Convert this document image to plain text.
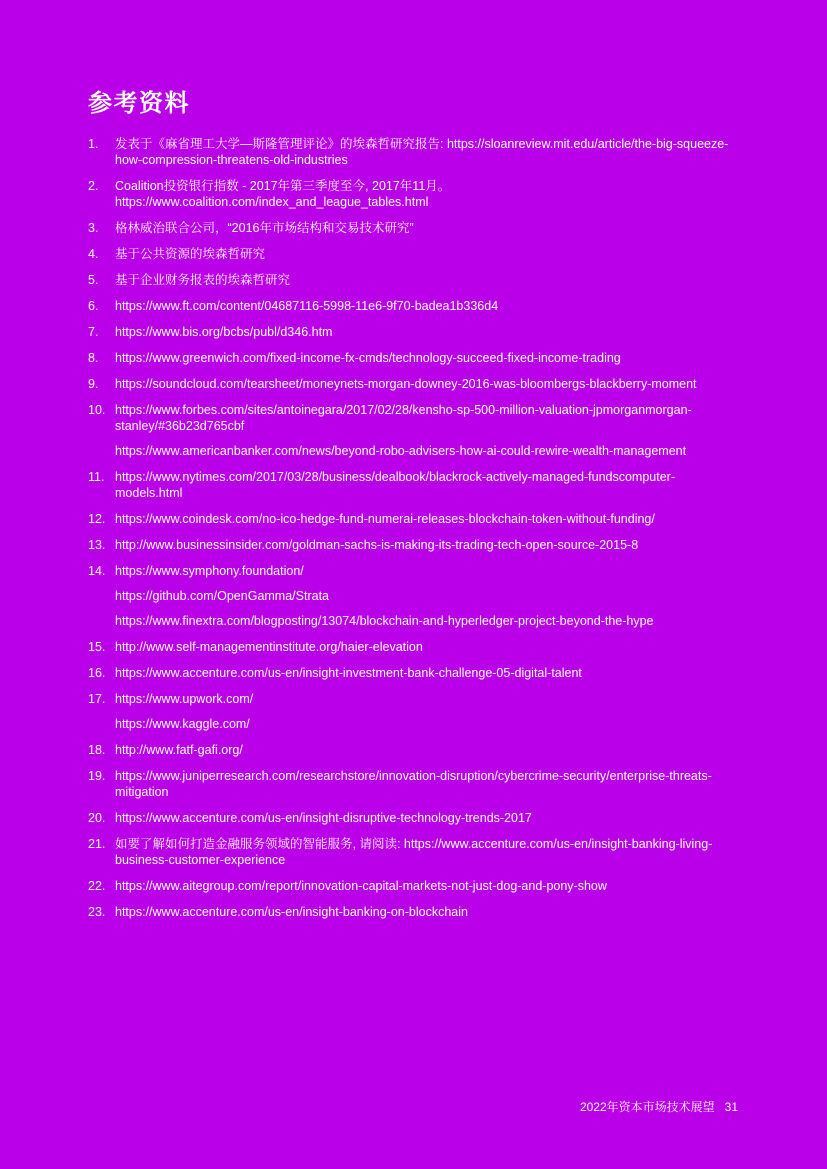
参考资料
1.	发表于《麻省理工大学—斯隆管理评论》的埃森哲研究报告: https://sloanreview.mit.edu/article/the-big-squeeze-how-compression-threatens-old-industries

2.	Coalition投资银行指数 - 2017年第三季度至今, 2017年11月。https://www.coalition.com/index_and_league_tables.html

3.	格林威治联合公司，“2016年市场结构和交易技术研究”

4.	基于公共资源的埃森哲研究

5.	基于企业财务报表的埃森哲研究

6.	https://www.ft.com/content/04687116-5998-11e6-9f70-badea1b336d4

7.	https://www.bis.org/bcbs/publ/d346.htm

8.	https://www.greenwich.com/fixed-income-fx-cmds/technology-succeed-fixed-income-trading

9.	https://soundcloud.com/tearsheet/moneynets-morgan-downey-2016-was-bloombergs-blackberry-moment

10. https://www.forbes.com/sites/antoinegara/2017/02/28/kensho-sp-500-million-valuation-jpmorganmorgan-stanley/#36b23d765cbf

https://www.americanbanker.com/news/beyond-robo-advisers-how-ai-could-rewire-wealth-management

11. https://www.nytimes.com/2017/03/28/business/dealbook/blackrock-actively-managed-fundscomputer-models.html

12. https://www.coindesk.com/no-ico-hedge-fund-numerai-releases-blockchain-token-without-funding/

13. http://www.businessinsider.com/goldman-sachs-is-making-its-trading-tech-open-source-2015-8

14. https://www.symphony.foundation/

https://github.com/OpenGamma/Strata

https://www.finextra.com/blogposting/13074/blockchain-and-hyperledger-project-beyond-the-hype

15. http://www.self-managementinstitute.org/haier-elevation

16. https://www.accenture.com/us-en/insight-investment-bank-challenge-05-digital-talent

17. https://www.upwork.com/

https://www.kaggle.com/

18. http://www.fatf-gafi.org/

19. https://www.juniperresearch.com/researchstore/innovation-disruption/cybercrime-security/enterprise-threats-mitigation

20. https://www.accenture.com/us-en/insight-disruptive-technology-trends-2017

21. 如要了解如何打造金融服务领域的智能服务, 请阅读: https://www.accenture.com/us-en/insight-banking-living-business-customer-experience

22. https://www.aitegroup.com/report/innovation-capital-markets-not-just-dog-and-pony-show

23. https://www.accenture.com/us-en/insight-banking-on-blockchain

2022年资本市场技术展望 31
